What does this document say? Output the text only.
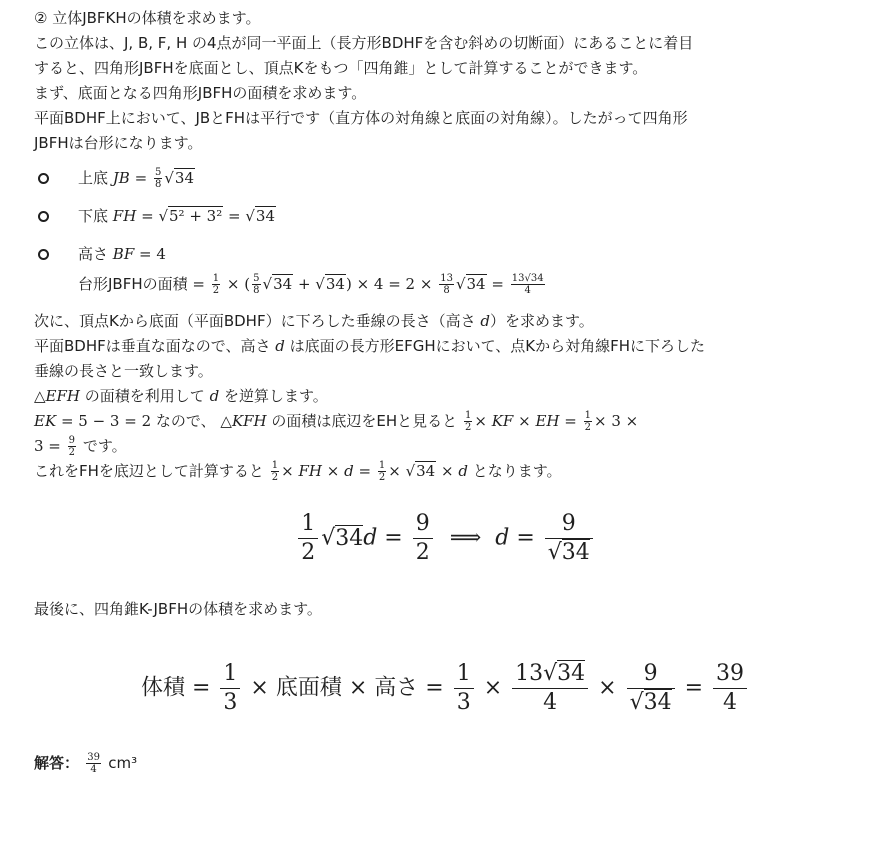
② 立体JBFKHの体積を求めます。

この立体は、J, B, F, H の4点が同一平面上（長方形BDHFを含む斜めの切断面）にあることに着目

すると、四角形JBFHを底面とし、頂点Kをもつ「四角錐」として計算することができます。

まず、底面となる四角形JBFHの面積を求めます。

平面BDHF上において、JBとFHは平行です（直方体の対角線と底面の対角線）。したがって四角形

JBFHは台形になります。

上底 JB = $\frac{5}{8} √34$
下底 FH = √5² + 3² = √34
高さ BF = 4
台形JBFHの面積 = $\frac{1}{2}$ × ( $\frac{5}{8} √34 + √34) \times 4 = 2 \times \frac{13}{8} √34 = \frac{13√34}{4}$

次に、頂点Kから底面（平面BDHF）に下ろした垂線の長さ（高さ d）を求めます。

平面BDHFは垂直な面なので、高さ d は底面の長方形EFGHにおいて、点Kから対角線FHに下ろした

垂線の長さと一致します。

△EFH の面積を利用して d を逆算します。

EK = 5 − 3 = 2 なので、 △KFH の面積は底辺をEHと見ると $\frac{1}{2}$ × KF × EH = $\frac{1}{2} \times 3$ ×

$3 = \frac{9}{2}$ です。

これをFHを底辺として計算すると $\frac{1}{2}$ × FH × $d = \frac{1}{2} \times √34 \times d$ となります。

$\frac{1}{2} √34d = \frac{9}{2}$ ⟹  $d = \frac{9}{√34}$

最後に、四角錐K-JBFHの体積を求めます。

体積 = $\frac{1}{3}$ × 底面積 × 高さ = $\frac{1}{3} \times \frac{13√34}{4} \times \frac{9}{√34} = \frac{39}{4}$

解答： $\frac{39}{4} cm^3$
